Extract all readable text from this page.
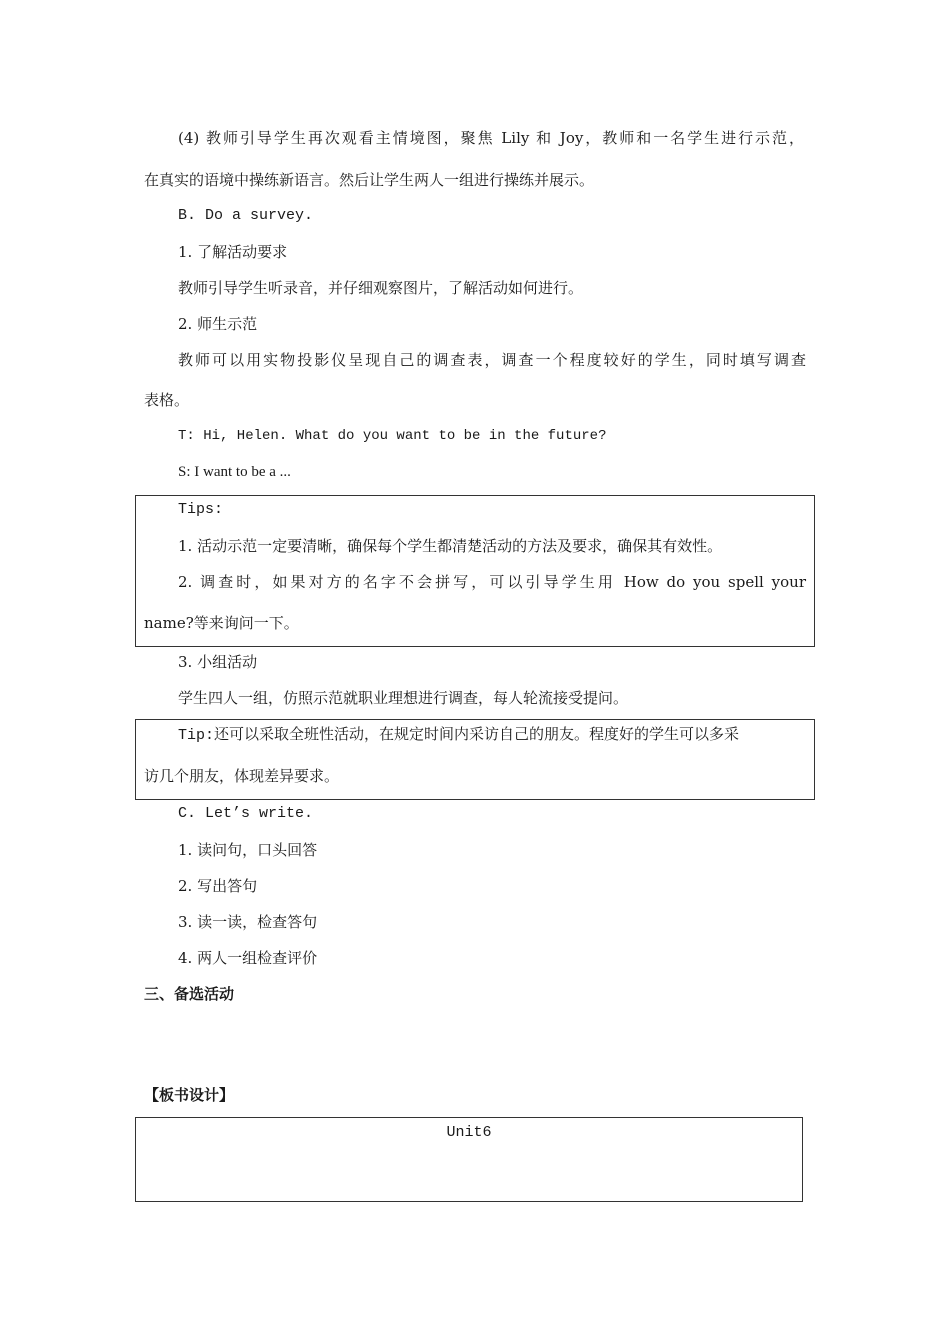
(4) 教师引导学生再次观看主情境图，聚焦 Lily 和 Joy，教师和一名学生进行示范，
在真实的语境中操练新语言。然后让学生两人一组进行操练并展示。
B. Do a survey.
1. 了解活动要求
教师引导学生听录音，并仔细观察图片，了解活动如何进行。
2. 师生示范
教师可以用实物投影仪呈现自己的调查表，调查一个程度较好的学生，同时填写调查
表格。
T: Hi, Helen. What do you want to be in the future?
S: I want to be a ...
Tips:
1. 活动示范一定要清晰，确保每个学生都清楚活动的方法及要求，确保其有效性。
2. 调查时，如果对方的名字不会拼写，可以引导学生用 How do you spell your
name?等来询问一下。
3. 小组活动
学生四人一组，仿照示范就职业理想进行调查，每人轮流接受提问。
Tip:还可以采取全班性活动，在规定时间内采访自己的朋友。程度好的学生可以多采
访几个朋友，体现差异要求。
C. Let’s write.
1. 读问句，口头回答
2. 写出答句
3. 读一读，检查答句
4. 两人一组检查评价
三、备选活动
【板书设计】
Unit6
